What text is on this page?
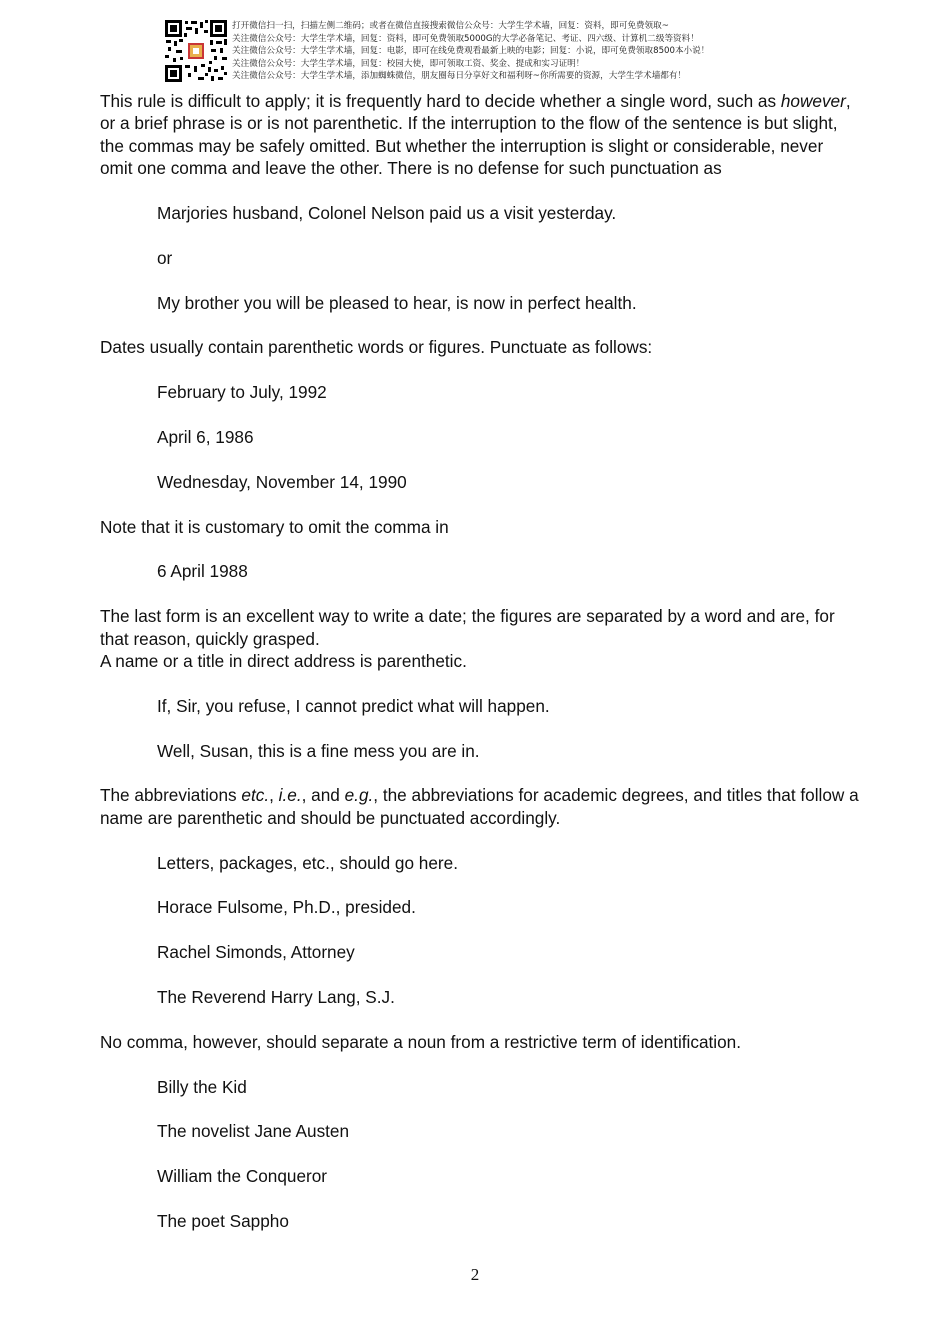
打开微信扫一扫，扫描左侧二维码；或者在微信直接搜索微信公众号：大学生学术墙，回复：资料，即可免费领取~
关注微信公众号：大学生学术墙，回复：资料，即可免费领取5000G的大学必备笔记、考证、四六级、计算机二级等资料！
关注微信公众号：大学生学术墙，回复：电影，即可在线免费观看最新上映的电影；回复：小说，即可免费领取8500本小说！
关注微信公众号：大学生学术墙，回复：校园大使，即可领取工资、奖金、提成和实习证明！
关注微信公众号：大学生学术墙，添加蜘蛛微信，朋友圈每日分享好文和福利呀~你所需要的资源，大学生学术墙都有！

This rule is difficult to apply; it is frequently hard to decide whether a single word, such as however, or a brief phrase is or is not parenthetic. If the interruption to the flow of the sentence is but slight, the commas may be safely omitted. But whether the interruption is slight or considerable, never omit one comma and leave the other. There is no defense for such punctuation as

Marjories husband, Colonel Nelson paid us a visit yesterday.

or

My brother you will be pleased to hear, is now in perfect health.

Dates usually contain parenthetic words or figures. Punctuate as follows:

February to July, 1992

April 6, 1986

Wednesday, November 14, 1990

Note that it is customary to omit the comma in

6 April 1988

The last form is an excellent way to write a date; the figures are separated by a word and are, for that reason, quickly grasped.

A name or a title in direct address is parenthetic.

If, Sir, you refuse, I cannot predict what will happen.

Well, Susan, this is a fine mess you are in.

The abbreviations etc., i.e., and e.g., the abbreviations for academic degrees, and titles that follow a name are parenthetic and should be punctuated accordingly.

Letters, packages, etc., should go here.

Horace Fulsome, Ph.D., presided.

Rachel Simonds, Attorney

The Reverend Harry Lang, S.J.

No comma, however, should separate a noun from a restrictive term of identification.

Billy the Kid

The novelist Jane Austen

William the Conqueror

The poet Sappho

2
